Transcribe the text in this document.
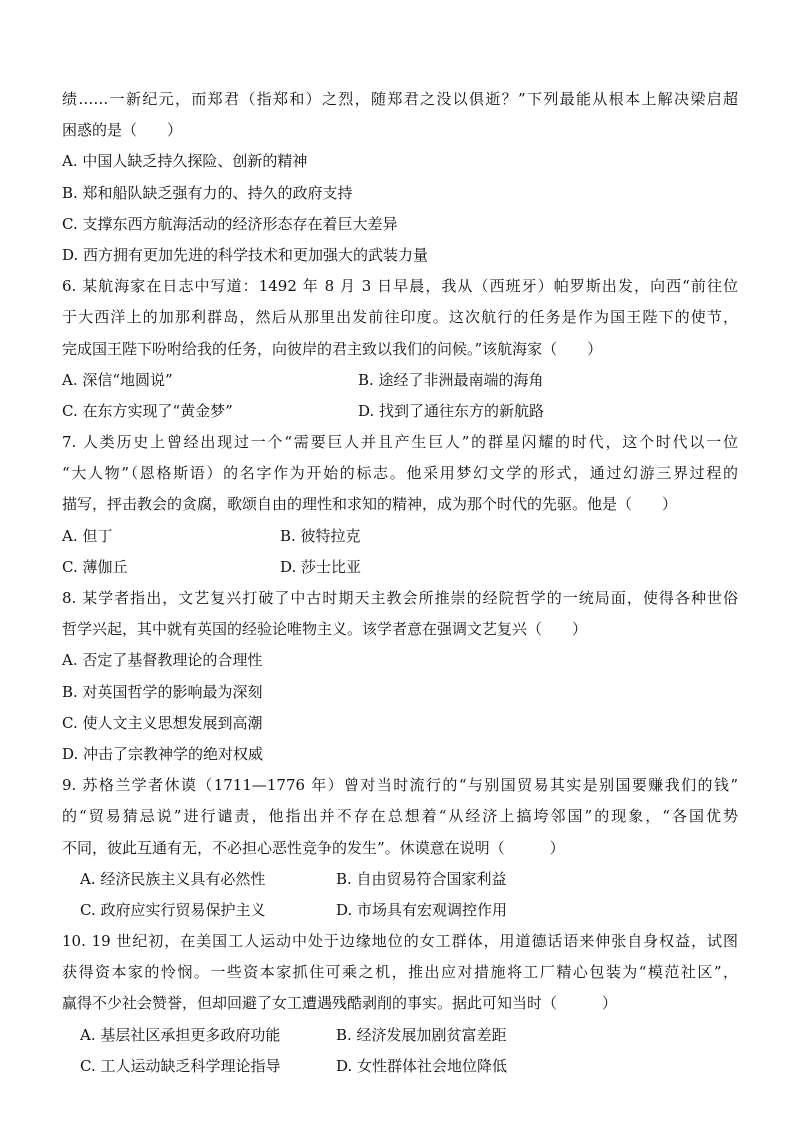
绩……一新纪元，而郑君（指郑和）之烈，随郑君之没以俱逝？”下列最能从根本上解决梁启超
困惑的是（　　）
A. 中国人缺乏持久探险、创新的精神
B. 郑和船队缺乏强有力的、持久的政府支持
C. 支撑东西方航海活动的经济形态存在着巨大差异
D. 西方拥有更加先进的科学技术和更加强大的武装力量
6. 某航海家在日志中写道：1492 年 8 月 3 日早晨，我从（西班牙）帕罗斯出发，向西“前往位
于大西洋上的加那利群岛，然后从那里出发前往印度。这次航行的任务是作为国王陛下的使节，
完成国王陛下吩咐给我的任务，向彼岸的君主致以我们的问候。”该航海家（　　）
A. 深信“地圆说”	B. 途经了非洲最南端的海角
C. 在东方实现了“黄金梦”	D. 找到了通往东方的新航路
7. 人类历史上曾经出现过一个“需要巨人并且产生巨人”的群星闪耀的时代，这个时代以一位
“大人物”（恩格斯语）的名字作为开始的标志。他采用梦幻文学的形式，通过幻游三界过程的
描写，抨击教会的贪腐，歌颂自由的理性和求知的精神，成为那个时代的先驱。他是（　　）
A. 但丁	B. 彼特拉克
C. 薄伽丘	D. 莎士比亚
8. 某学者指出，文艺复兴打破了中古时期天主教会所推崇的经院哲学的一统局面，使得各种世俗
哲学兴起，其中就有英国的经验论唯物主义。该学者意在强调文艺复兴（　　）
A. 否定了基督教理论的合理性
B. 对英国哲学的影响最为深刻
C. 使人文主义思想发展到高潮
D. 冲击了宗教神学的绝对权威
9. 苏格兰学者休谟（1711—1776 年）曾对当时流行的“与别国贸易其实是别国要赚我们的钱”
的“贸易猜忌说”进行谴责，他指出并不存在总想着“从经济上搞垮邻国”的现象，“各国优势
不同，彼此互通有无，不必担心恶性竞争的发生”。休谟意在说明（　　　）
A. 经济民族主义具有必然性	B. 自由贸易符合国家利益
C. 政府应实行贸易保护主义	D. 市场具有宏观调控作用
10. 19 世纪初，在美国工人运动中处于边缘地位的女工群体，用道德话语来伸张自身权益，试图
获得资本家的怜悯。一些资本家抓住可乘之机，推出应对措施将工厂精心包装为“模范社区”，
赢得不少社会赞誉，但却回避了女工遭遇残酷剥削的事实。据此可知当时（　　　）
A. 基层社区承担更多政府功能	B. 经济发展加剧贫富差距
C. 工人运动缺乏科学理论指导	D. 女性群体社会地位降低
